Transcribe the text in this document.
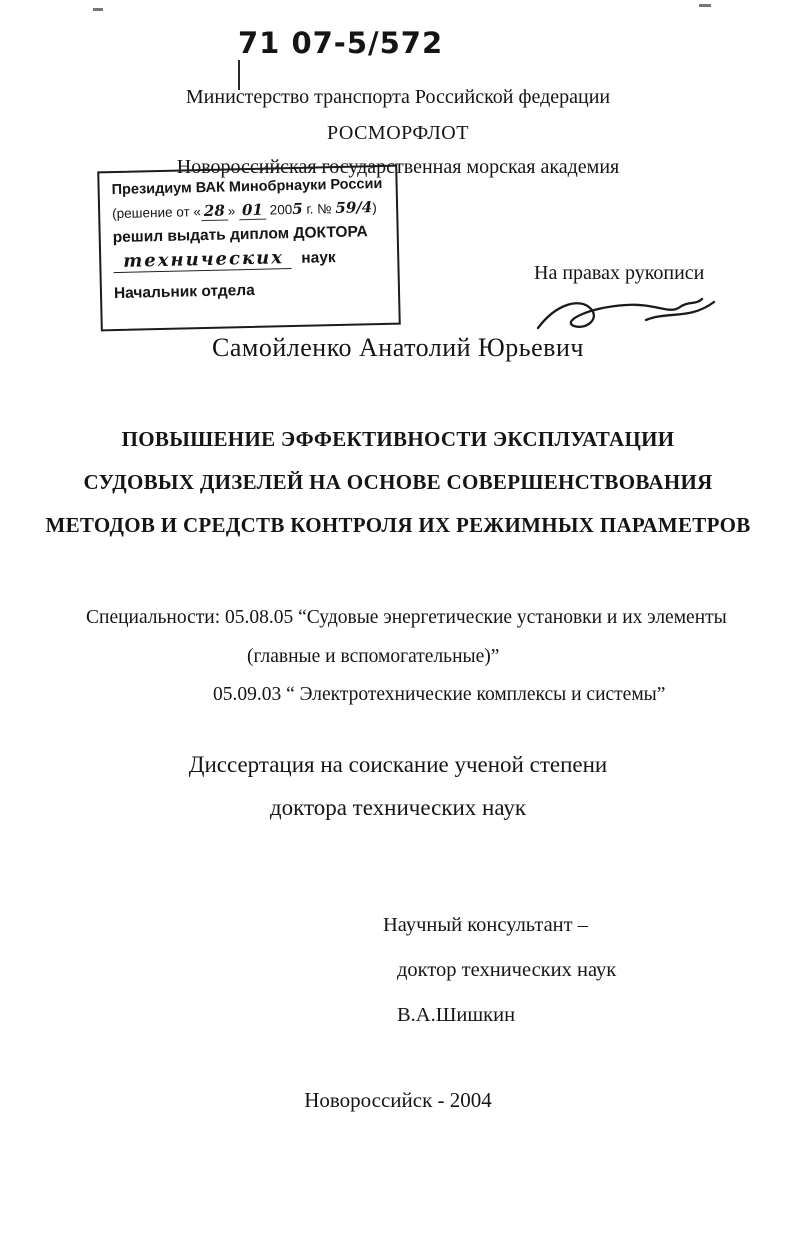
71 07-5/572
Министерство транспорта Российской федерации
РОСМОРФЛОТ
Новороссийская государственная морская академия
Президиум ВАК Минобрнауки России
(решение от « 28 » 01 2005 г. № 59/4)
решил выдать диплом ДОКТОРА
технических наук
Начальник отдела
На правах рукописи
Самойленко Анатолий Юрьевич
ПОВЫШЕНИЕ ЭФФЕКТИВНОСТИ ЭКСПЛУАТАЦИИ
СУДОВЫХ ДИЗЕЛЕЙ НА ОСНОВЕ СОВЕРШЕНСТВОВАНИЯ
МЕТОДОВ И СРЕДСТВ КОНТРОЛЯ ИХ РЕЖИМНЫХ ПАРАМЕТРОВ
Специальности: 05.08.05 “Судовые энергетические установки и их элементы
(главные и вспомогательные)”
05.09.03 “ Электротехнические комплексы и системы”
Диссертация на соискание ученой степени
доктора технических наук
Научный консультант –
доктор технических наук
В.А.Шишкин
Новороссийск - 2004
